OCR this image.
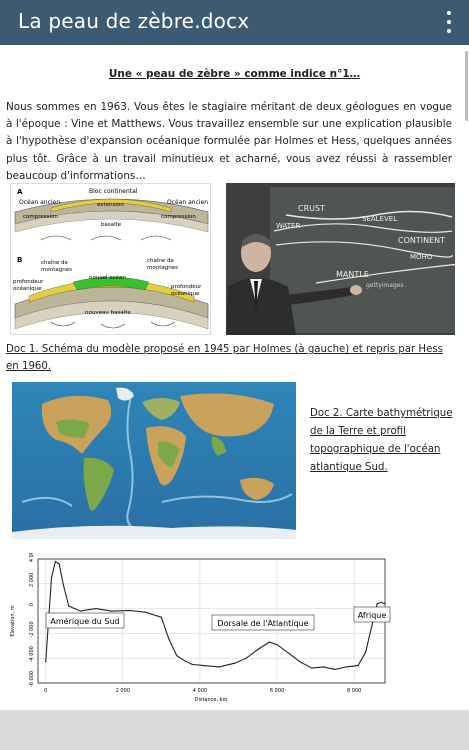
La peau de zèbre.docx
Une « peau de zèbre » comme indice n°1…
Nous sommes en 1963. Vous êtes le stagiaire méritant de deux géologues en vogue à l'époque : Vine et Matthews. Vous travaillez ensemble sur une explication plausible à l'hypothèse d'expansion océanique formulée par Holmes et Hess, quelques années plus tôt. Grâce à un travail minutieux et acharné, vous avez réussi à rassembler beaucoup d'informations…
A	Bloc continental
Océan ancien	Océan ancien
extension
compression	compression
basalte
B	chaîne de
montagnes
chaîne de
montagnes
nouvel océan
profondeur
océanique	profondeur
océanique
nouveau basalte
CRUST
SEALEVEL
WATER
CONTINENT
MANTLE
MOHO
gettyimages
Doc 1. Schéma du modèle proposé en 1945 par Holmes (à gauche) et repris par Hess en 1960.
Doc 2. Carte bathymétrique de la Terre et profil topographique de l'océan atlantique Sud.
4 000
2 000
0
-2 000
-4 000
-6 000
0	2 000	4 000	6 000	8 000
Distance, km
Elevation, m	Amérique du Sud	Dorsale de l'Atlantique
Afrique
